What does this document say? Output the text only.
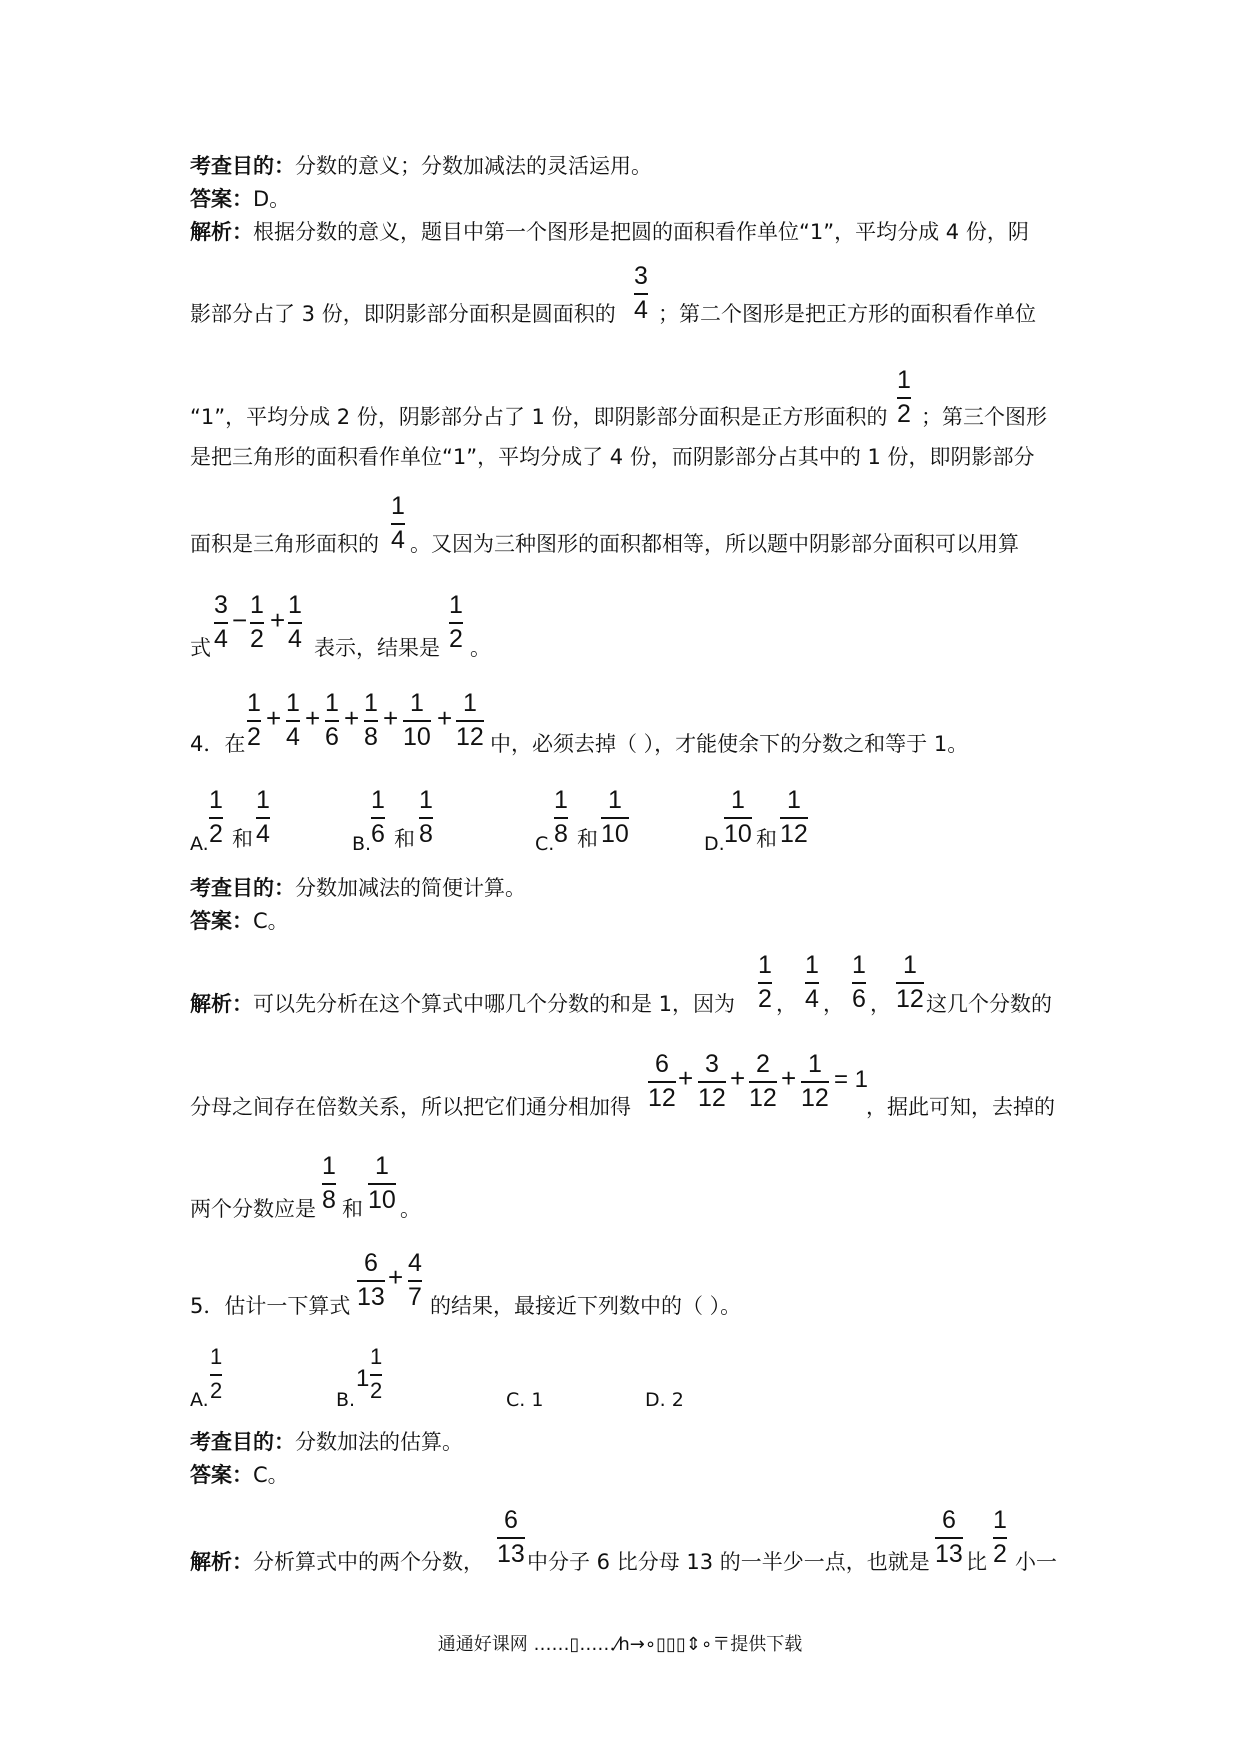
考查目的：分数的意义；分数加减法的灵活运用。
答案：D。
解析：根据分数的意义，题目中第一个图形是把圆的面积看作单位“1”，平均分成 4 份，阴
影部分占了 3 份，即阴影部分面积是圆面积的
3
4 ；第二个图形是把正方形的面积看作单位
“1”，平均分成 2 份，阴影部分占了 1 份，即阴影部分面积是正方形面积的
1
2 ；第三个图形
是把三角形的面积看作单位“1”，平均分成了 4 份，而阴影部分占其中的 1 份，即阴影部分
面积是三角形面积的
1
4 。又因为三种图形的面积都相等，所以题中阴影部分面积可以用算
式
3
4
− 1
2
+ 1
4 表示，结果是
1
2 。
4．在
1
2
+ 1
4
+ 1
6
+ 1
8
+ 1
10
+ 1
12 中，必须去掉（ ），才能使余下的分数之和等于 1。
A.
1
2 和
1
4	B.
1
6 和
1
8	C.
1
8 和
1
10	D.
1
10 和
1
12
考查目的：分数加减法的简便计算。
答案：C。
解析：可以先分析在这个算式中哪几个分数的和是 1，因为
1
2 ，
1
4 ，
1
6 ，
1
12 这几个分数的
分母之间存在倍数关系，所以把它们通分相加得
6
12
+ 3
12
+ 2
12
+ 1
12
= 1
，据此可知，去掉的
两个分数应是
1
8 和
1
10 。
5．估计一下算式
6
13
+ 4
7 的结果，最接近下列数中的（ ）。
A.
1
2	B.
1
1
2	C. 1	D. 2
考查目的：分数加法的估算。
答案：C。
解析：分析算式中的两个分数，
6
13 中分子 6 比分母 13 的一半少一点，也就是
6
13 比
1
2 小一
通通好课网 ……▯……⁄h→∘▯▯▯⇕∘〒提供下载
